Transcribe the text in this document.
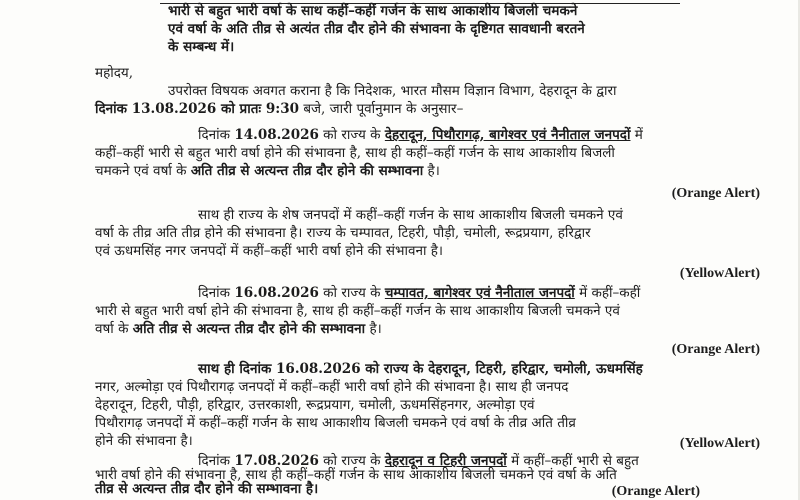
भारी से बहुत भारी वर्षा के साथ कहीं–कहीं गर्जन के साथ आकाशीय बिजली चमकने
एवं वर्षा के अति तीव्र से अत्यंत तीव्र दौर होने की संभावना के दृष्टिगत सावधानी बरतने
के सम्बन्ध में।
महोदय,
उपरोक्त विषयक अवगत कराना है कि निदेशक, भारत मौसम विज्ञान विभाग, देहरादून के द्वारा
दिनांक 13.08.2026 को प्रातः 9:30 बजे, जारी पूर्वानुमान के अनुसार–
दिनांक 14.08.2026 को राज्य के देहरादून, पिथौरागढ़, बागेश्वर एवं नैनीताल जनपदों में
कहीं–कहीं भारी से बहुत भारी वर्षा होने की संभावना है, साथ ही कहीं–कहीं गर्जन के साथ आकाशीय बिजली
चमकने एवं वर्षा के अति तीव्र से अत्यन्त तीव्र दौर होने की सम्भावना है।
(Orange Alert)
साथ ही राज्य के शेष जनपदों में कहीं–कहीं गर्जन के साथ आकाशीय बिजली चमकने एवं
वर्षा के तीव्र अति तीव्र होने की संभावना है। राज्य के चम्पावत, टिहरी, पौड़ी, चमोली, रूद्रप्रयाग, हरिद्वार
एवं ऊधमसिंह नगर जनपदों में कहीं–कहीं भारी वर्षा होने की संभावना है।
(YellowAlert)
दिनांक 16.08.2026 को राज्य के चम्पावत, बागेश्वर एवं नैनीताल जनपदों में कहीं–कहीं
भारी से बहुत भारी वर्षा होने की संभावना है, साथ ही कहीं–कहीं गर्जन के साथ आकाशीय बिजली चमकने एवं
वर्षा के अति तीव्र से अत्यन्त तीव्र दौर होने की सम्भावना है।
(Orange Alert)
साथ ही दिनांक 16.08.2026 को राज्य के देहरादून, टिहरी, हरिद्वार, चमोली, ऊधमसिंह
नगर, अल्मोड़ा एवं पिथौरागढ़ जनपदों में कहीं–कहीं भारी वर्षा होने की संभावना है। साथ ही जनपद
देहरादून, टिहरी, पौड़ी, हरिद्वार, उत्तरकाशी, रूद्रप्रयाग, चमोली, ऊधमसिंहनगर, अल्मोड़ा एवं
पिथौरागढ़ जनपदों में कहीं–कहीं गर्जन के साथ आकाशीय बिजली चमकने एवं वर्षा के तीव्र अति तीव्र
होने की संभावना है।	(YellowAlert)
दिनांक 17.08.2026 को राज्य के देहरादून व टिहरी जनपदों में कहीं–कहीं भारी से बहुत
भारी वर्षा होने की संभावना है, साथ ही कहीं–कहीं गर्जन के साथ आकाशीय बिजली चमकने एवं वर्षा के अति
तीव्र से अत्यन्त तीव्र दौर होने की सम्भावना है।	(Orange Alert)
